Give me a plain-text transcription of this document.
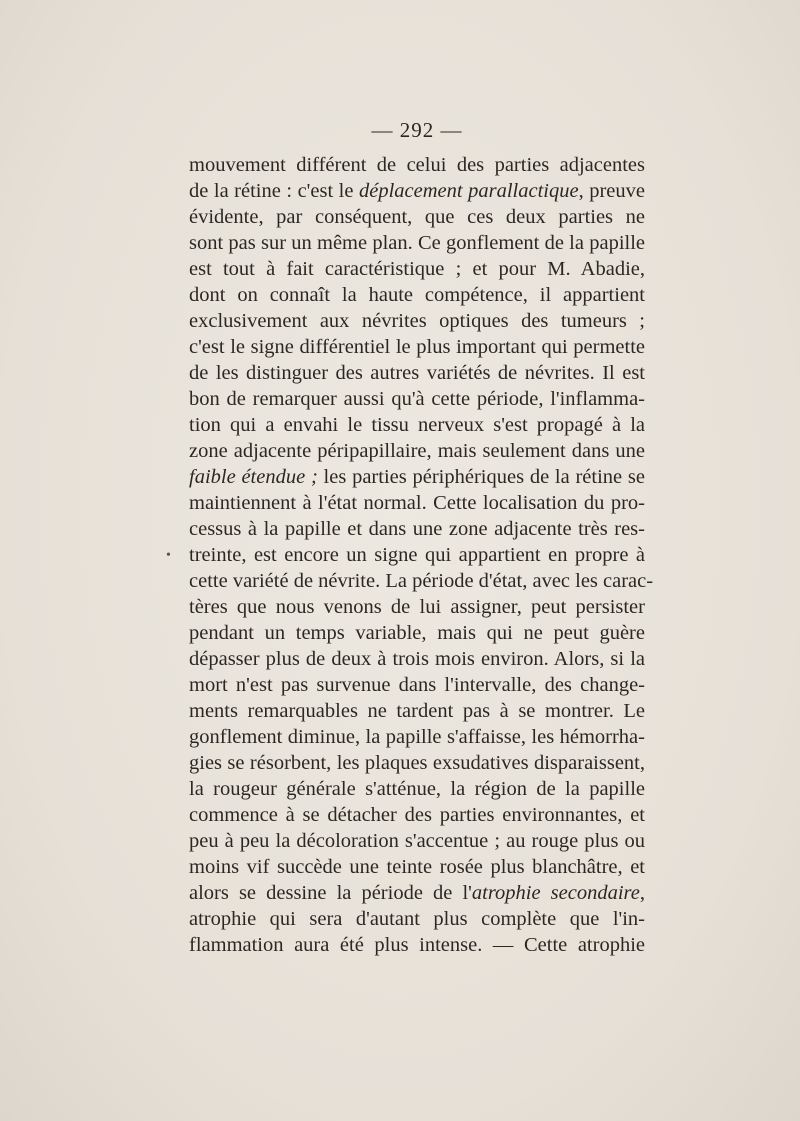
— 292 —
mouvement différent de celui des parties adjacentes
de la rétine : c'est le déplacement parallactique, preuve
évidente, par conséquent, que ces deux parties ne
sont pas sur un même plan. Ce gonflement de la papille
est tout à fait caractéristique ; et pour M. Abadie,
dont on connaît la haute compétence, il appartient
exclusivement aux névrites optiques des tumeurs ;
c'est le signe différentiel le plus important qui permette
de les distinguer des autres variétés de névrites. Il est
bon de remarquer aussi qu'à cette période, l'inflamma-
tion qui a envahi le tissu nerveux s'est propagé à la
zone adjacente péripapillaire, mais seulement dans une
faible étendue ; les parties périphériques de la rétine se
maintiennent à l'état normal. Cette localisation du pro-
cessus à la papille et dans une zone adjacente très res-
treinte, est encore un signe qui appartient en propre à
cette variété de névrite. La période d'état, avec les carac-
tères que nous venons de lui assigner, peut persister
pendant un temps variable, mais qui ne peut guère
dépasser plus de deux à trois mois environ. Alors, si la
mort n'est pas survenue dans l'intervalle, des change-
ments remarquables ne tardent pas à se montrer. Le
gonflement diminue, la papille s'affaisse, les hémorrha-
gies se résorbent, les plaques exsudatives disparaissent,
la rougeur générale s'atténue, la région de la papille
commence à se détacher des parties environnantes, et
peu à peu la décoloration s'accentue ; au rouge plus ou
moins vif succède une teinte rosée plus blanchâtre, et
alors se dessine la période de l'atrophie secondaire,
atrophie qui sera d'autant plus complète que l'in-
flammation aura été plus intense. — Cette atrophie
•
